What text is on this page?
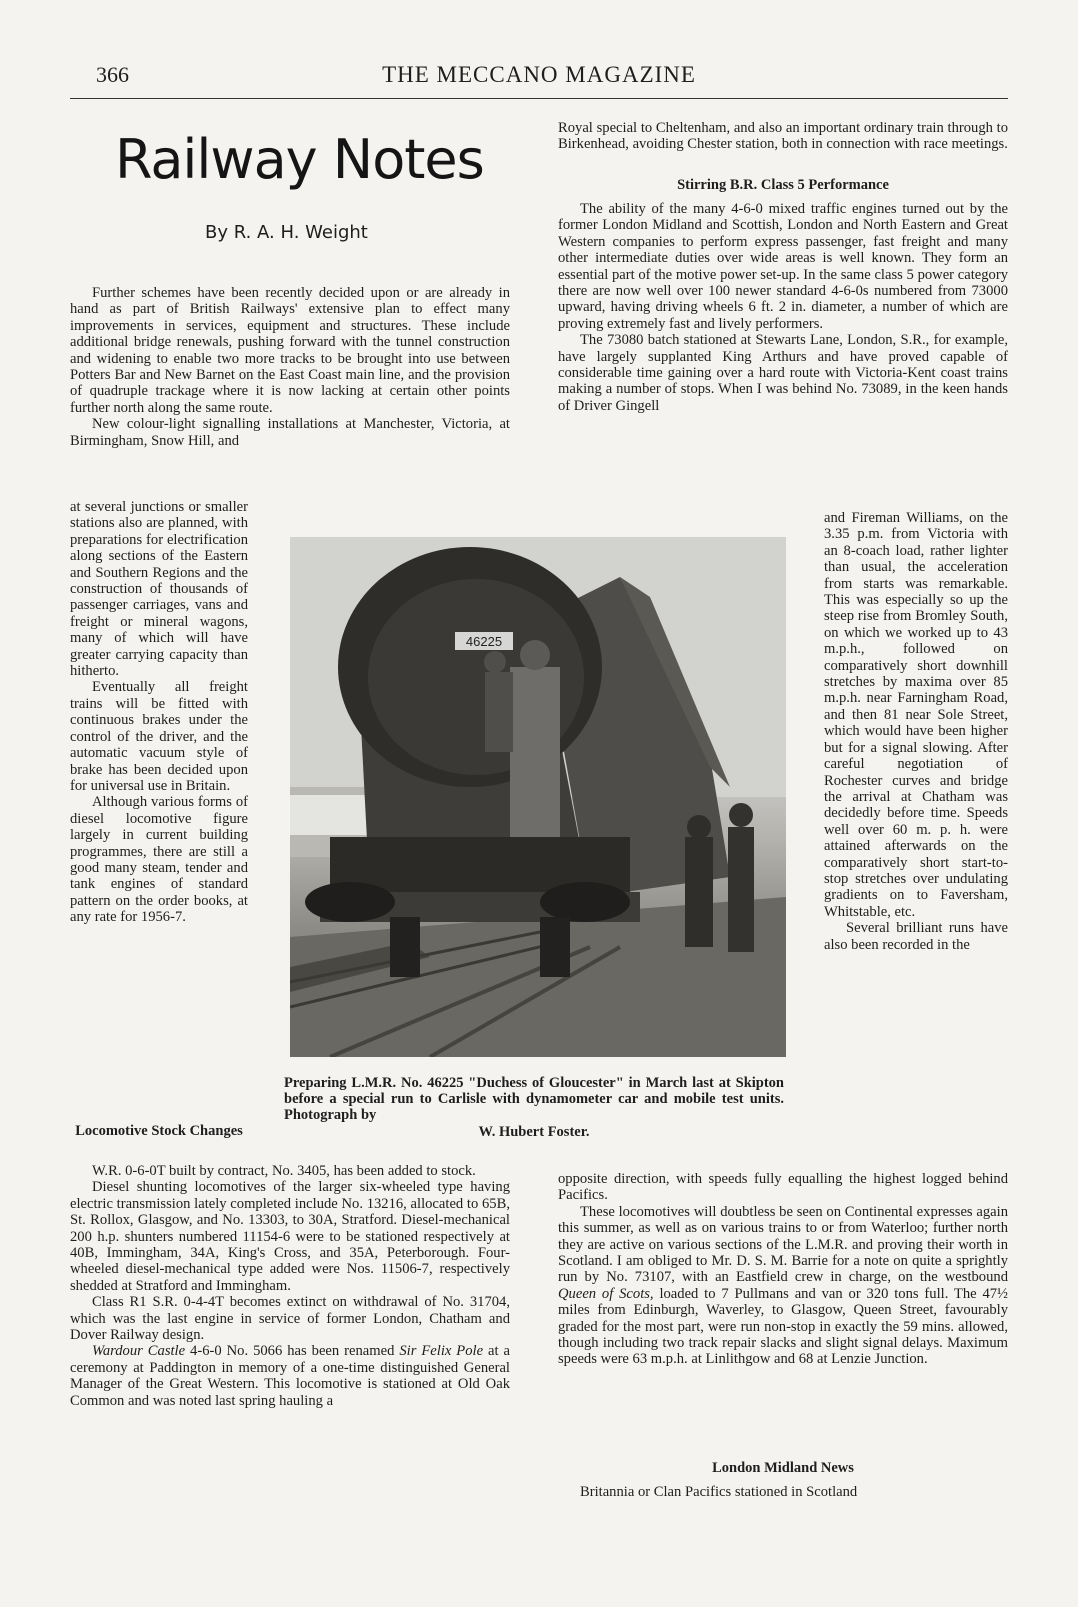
366	THE MECCANO MAGAZINE
Railway Notes
By R. A. H. Weight

Further schemes have been recently decided upon or are already in hand as part of British Railways' extensive plan to effect many improvements in services, equipment and structures. These include additional bridge renewals, pushing forward with the tunnel construction and widening to enable two more tracks to be brought into use between Potters Bar and New Barnet on the East Coast main line, and the provision of quadruple trackage where it is now lacking at certain other points further north along the same route.

New colour-light signalling installations at Manchester, Victoria, at Birmingham, Snow Hill, and

at several junctions or smaller stations also are planned, with preparations for electrification along sections of the Eastern and Southern Regions and the construction of thousands of passenger carriages, vans and freight or mineral wagons, many of which will have greater carrying capacity than hitherto.

Eventually all freight trains will be fitted with continuous brakes under the control of the driver, and the automatic vacuum style of brake has been decided upon for universal use in Britain.

Although various forms of diesel locomotive figure largely in current building programmes, there are still a good many steam, tender and tank engines of standard pattern on the order books, at any rate for 1956-7.

Locomotive Stock Changes

W.R. 0-6-0T built by contract, No. 3405, has been added to stock.

Diesel shunting locomotives of the larger six-wheeled type having electric transmission lately completed include No. 13216, allocated to 65B, St. Rollox, Glasgow, and No. 13303, to 30A, Stratford. Diesel-mechanical 200 h.p. shunters numbered 11154-6 were to be stationed respectively at 40B, Immingham, 34A, King's Cross, and 35A, Peterborough. Four-wheeled diesel-mechanical type added were Nos. 11506-7, respectively shedded at Stratford and Immingham.

Class R1 S.R. 0-4-4T becomes extinct on withdrawal of No. 31704, which was the last engine in service of former London, Chatham and Dover Railway design.

Wardour Castle 4-6-0 No. 5066 has been renamed Sir Felix Pole at a ceremony at Paddington in memory of a one-time distinguished General Manager of the Great Western. This locomotive is stationed at Old Oak Common and was noted last spring hauling a

Royal special to Cheltenham, and also an important ordinary train through to Birkenhead, avoiding Chester station, both in connection with race meetings.

Stirring B.R. Class 5 Performance

The ability of the many 4-6-0 mixed traffic engines turned out by the former London Midland and Scottish, London and North Eastern and Great Western companies to perform express passenger, fast freight and many other intermediate duties over wide areas is well known. They form an essential part of the motive power set-up. In the same class 5 power category there are now well over 100 newer standard 4-6-0s numbered from 73000 upward, having driving wheels 6 ft. 2 in. diameter, a number of which are proving extremely fast and lively performers.

The 73080 batch stationed at Stewarts Lane, London, S.R., for example, have largely supplanted King Arthurs and have proved capable of considerable time gaining over a hard route with Victoria-Kent coast trains making a number of stops. When I was behind No. 73089, in the keen hands of Driver Gingell

and Fireman Williams, on the 3.35 p.m. from Victoria with an 8-coach load, rather lighter than usual, the acceleration from starts was remarkable. This was especially so up the steep rise from Bromley South, on which we worked up to 43 m.p.h., followed on comparatively short downhill stretches by maxima over 85 m.p.h. near Farningham Road, and then 81 near Sole Street, which would have been higher but for a signal slowing. After careful negotiation of Rochester curves and bridge the arrival at Chatham was decidedly before time. Speeds well over 60 m. p. h. were attained afterwards on the comparatively short start-to-stop stretches over undulating gradients on to Faversham, Whitstable, etc.

Several brilliant runs have also been recorded in the

opposite direction, with speeds fully equalling the highest logged behind Pacifics.

These locomotives will doubtless be seen on Continental expresses again this summer, as well as on various trains to or from Waterloo; further north they are active on various sections of the L.M.R. and proving their worth in Scotland. I am obliged to Mr. D. S. M. Barrie for a note on quite a sprightly run by No. 73107, with an Eastfield crew in charge, on the westbound Queen of Scots, loaded to 7 Pullmans and van or 320 tons full. The 47½ miles from Edinburgh, Waverley, to Glasgow, Queen Street, favourably graded for the most part, were run non-stop in exactly the 59 mins. allowed, though including two track repair slacks and slight signal delays. Maximum speeds were 63 m.p.h. at Linlithgow and 68 at Lenzie Junction.

London Midland News

Britannia or Clan Pacifics stationed in Scotland

46225
Preparing L.M.R. No. 46225 "Duchess of Gloucester" in March last at Skipton before a special run to Carlisle with dynamometer car and mobile test units. Photograph by
W. Hubert Foster.
